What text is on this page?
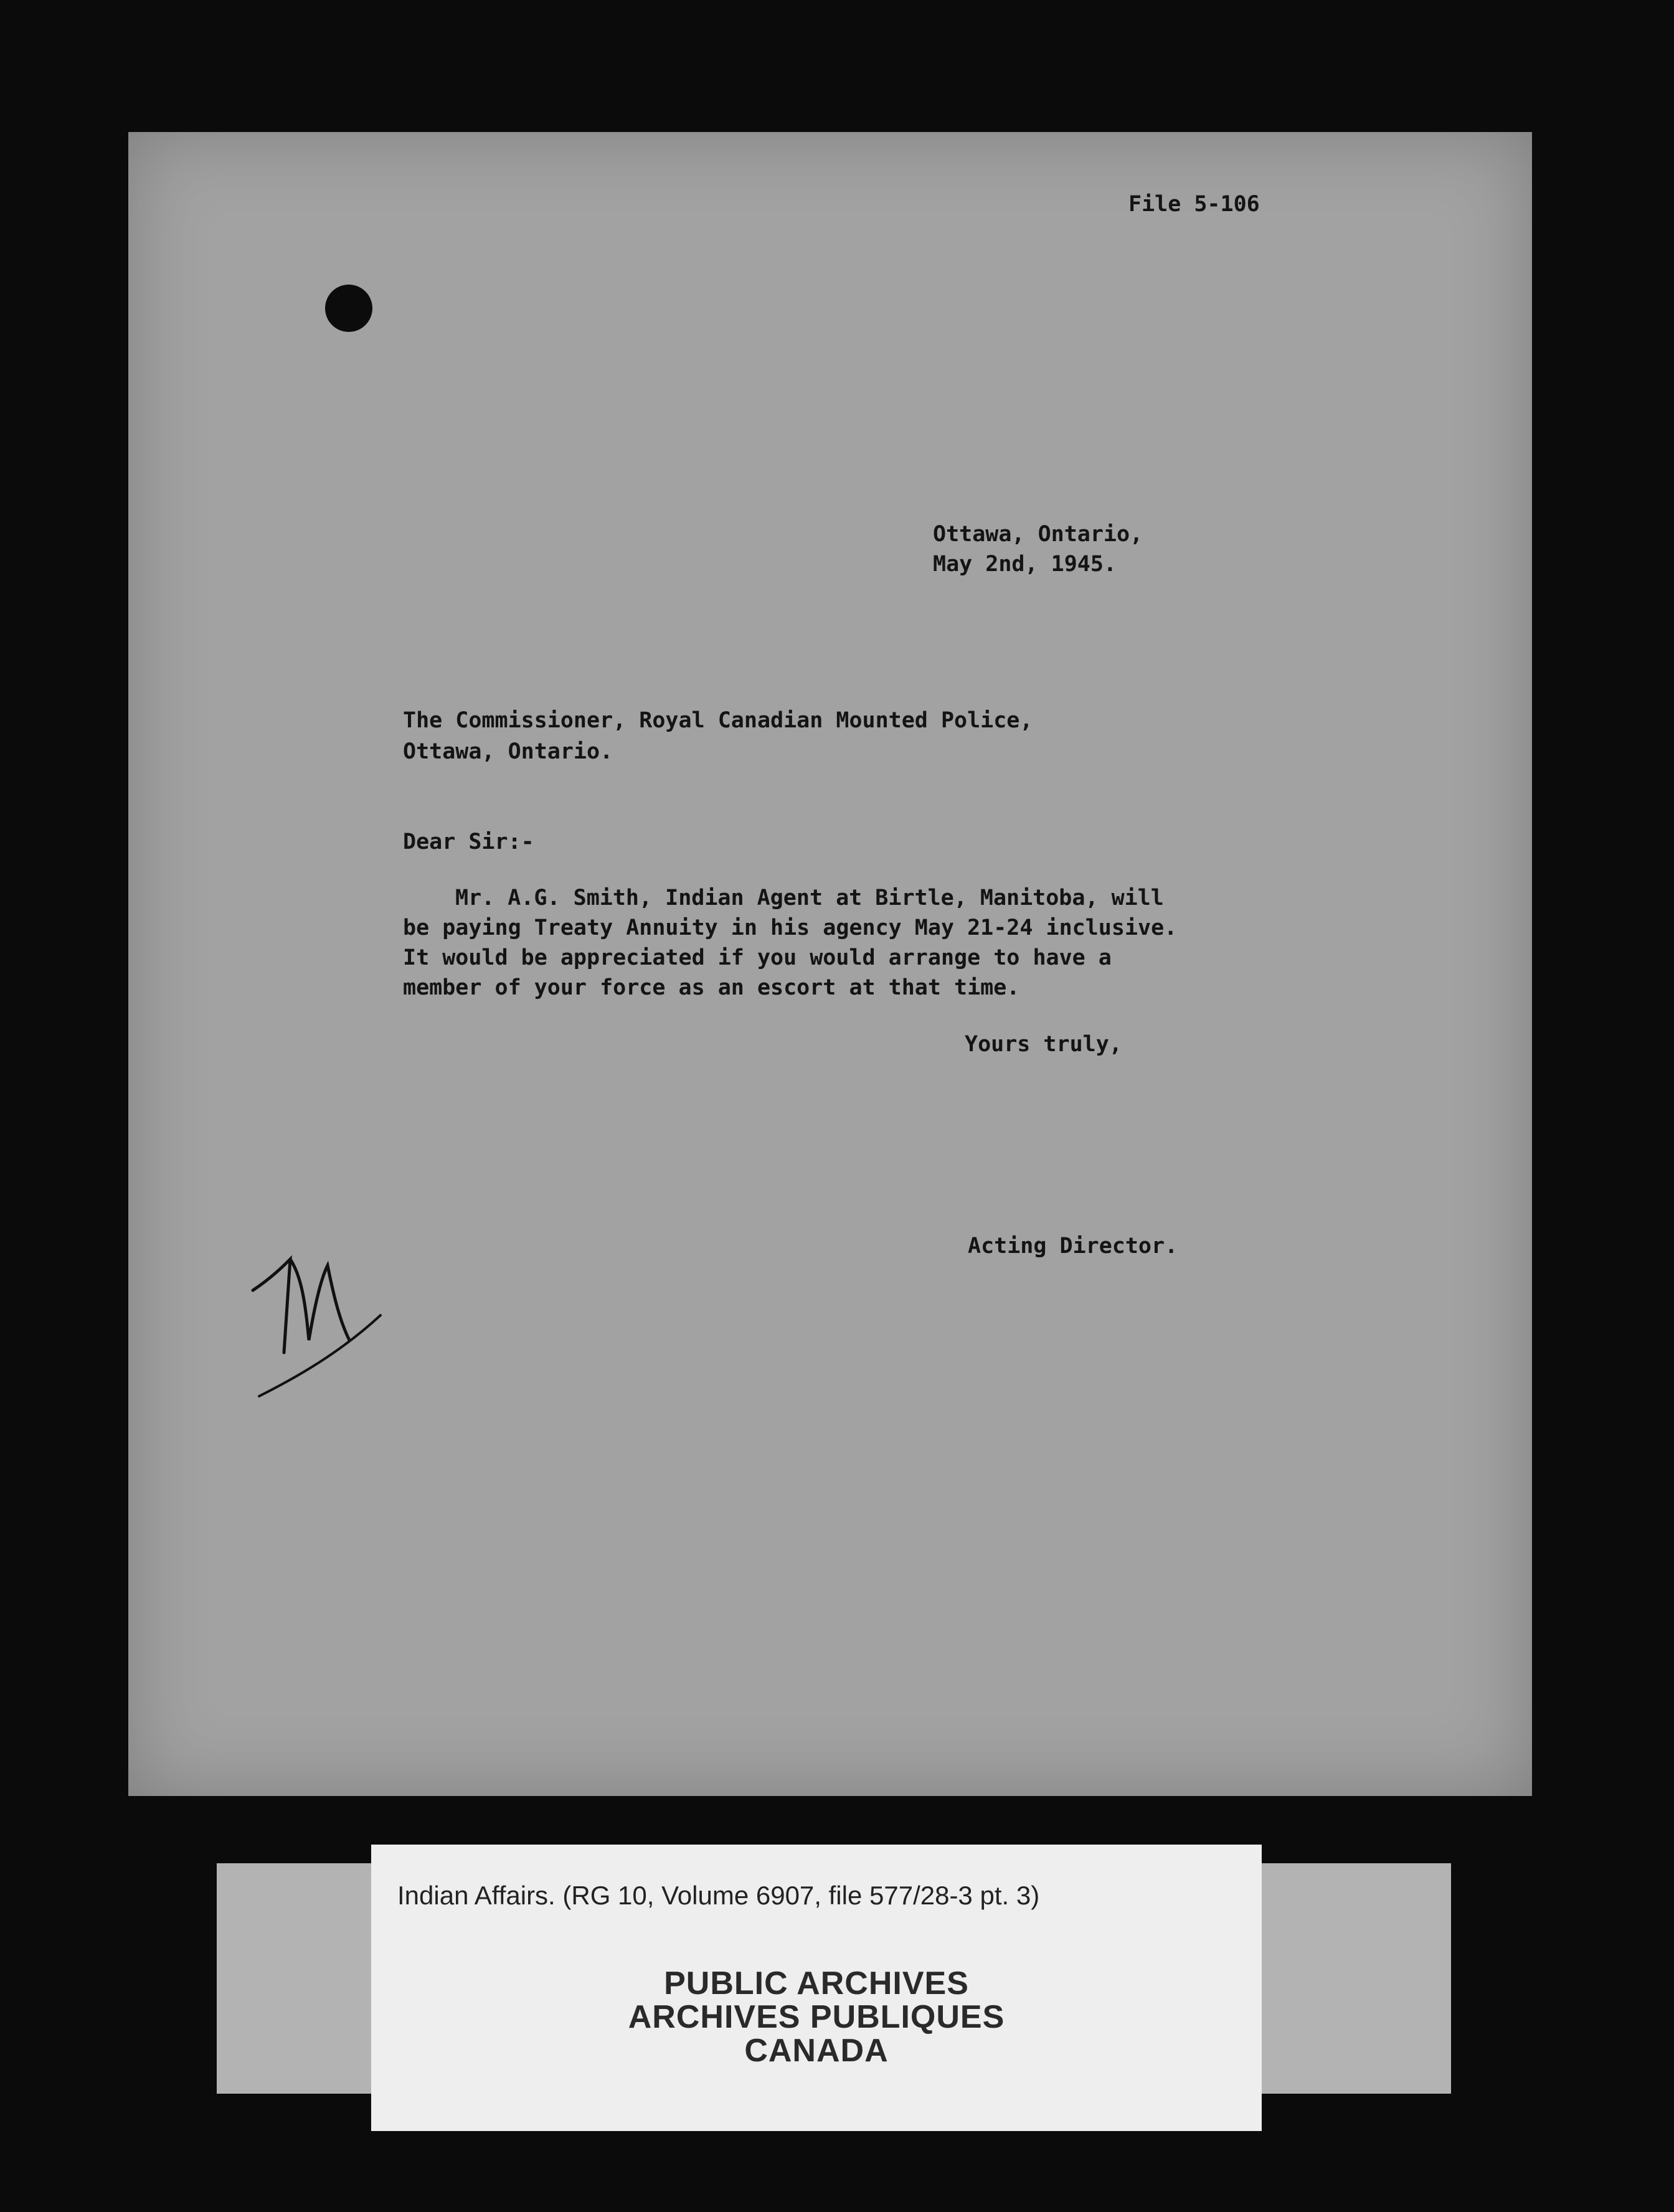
File 5-106

Ottawa, Ontario,

May 2nd, 1945.

The Commissioner, Royal Canadian Mounted Police,

Ottawa, Ontario.

Dear Sir:-

Mr. A.G. Smith, Indian Agent at Birtle, Manitoba, will

be paying Treaty Annuity in his agency May 21-24 inclusive.

It would be appreciated if you would arrange to have a

member of your force as an escort at that time.

Yours truly,

Acting Director.

Indian Affairs. (RG 10, Volume 6907, file 577/28-3 pt. 3)

PUBLIC ARCHIVES
ARCHIVES PUBLIQUES
CANADA
